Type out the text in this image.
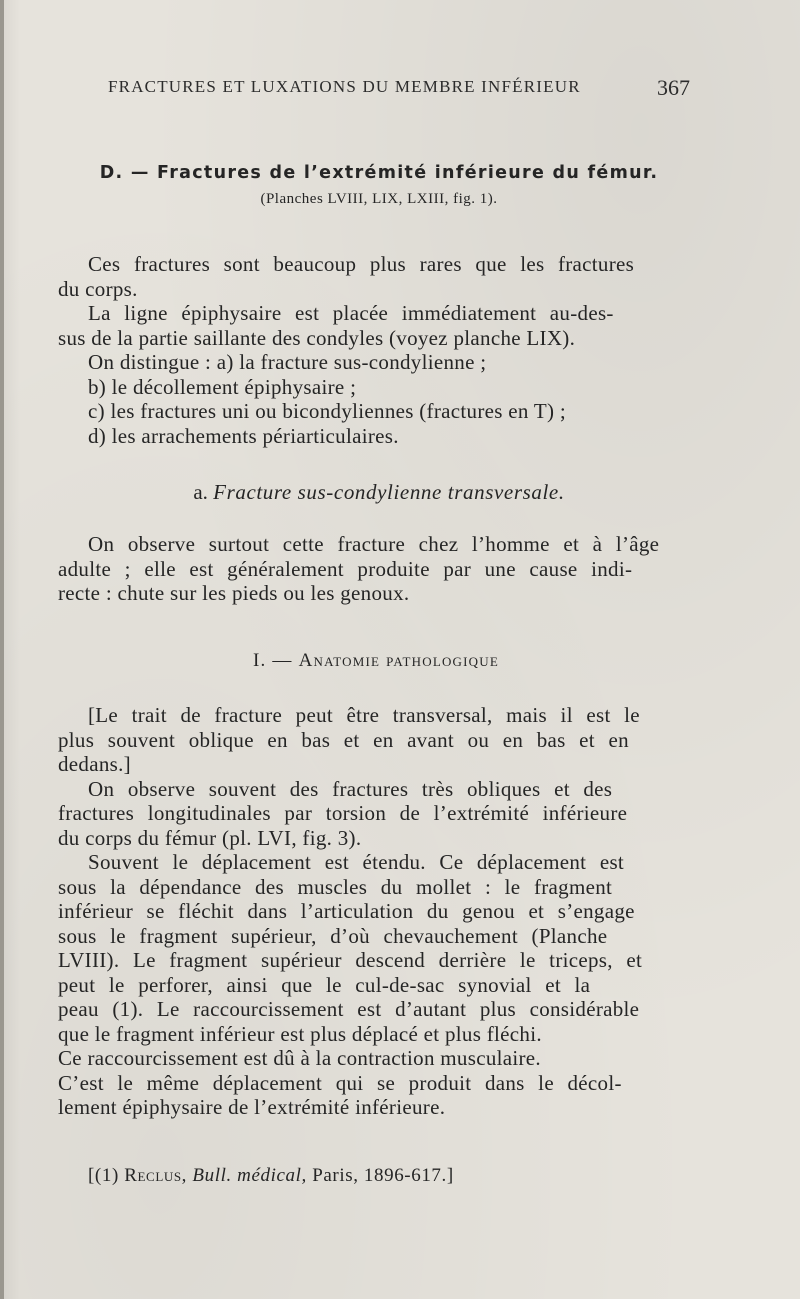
FRACTURES ET LUXATIONS DU MEMBRE INFÉRIEUR	367
D. — Fractures de l’extrémité inférieure du fémur.
(Planches LVIII, LIX, LXIII, fig. 1).
Ces fractures sont beaucoup plus rares que les fractures
du corps.
La ligne épiphysaire est placée immédiatement au-des-
sus de la partie saillante des condyles (voyez planche LIX).
On distingue : a) la fracture sus-condylienne ;
b) le décollement épiphysaire ;
c) les fractures uni ou bicondyliennes (fractures en T) ;
d) les arrachements périarticulaires.
a. Fracture sus-condylienne transversale.
On observe surtout cette fracture chez l’homme et à l’âge
adulte ; elle est généralement produite par une cause indi-
recte : chute sur les pieds ou les genoux.
I. — Anatomie pathologique
[Le trait de fracture peut être transversal, mais il est le
plus souvent oblique en bas et en avant ou en bas et en
dedans.]
On observe souvent des fractures très obliques et des
fractures longitudinales par torsion de l’extrémité inférieure
du corps du fémur (pl. LVI, fig. 3).
Souvent le déplacement est étendu. Ce déplacement est
sous la dépendance des muscles du mollet : le fragment
inférieur se fléchit dans l’articulation du genou et s’engage
sous le fragment supérieur, d’où chevauchement (Planche
LVIII). Le fragment supérieur descend derrière le triceps, et
peut le perforer, ainsi que le cul-de-sac synovial et la
peau (1). Le raccourcissement est d’autant plus considérable
que le fragment inférieur est plus déplacé et plus fléchi.
Ce raccourcissement est dû à la contraction musculaire.
C’est le même déplacement qui se produit dans le décol-
lement épiphysaire de l’extrémité inférieure.
[(1) Reclus, Bull. médical, Paris, 1896-617.]
